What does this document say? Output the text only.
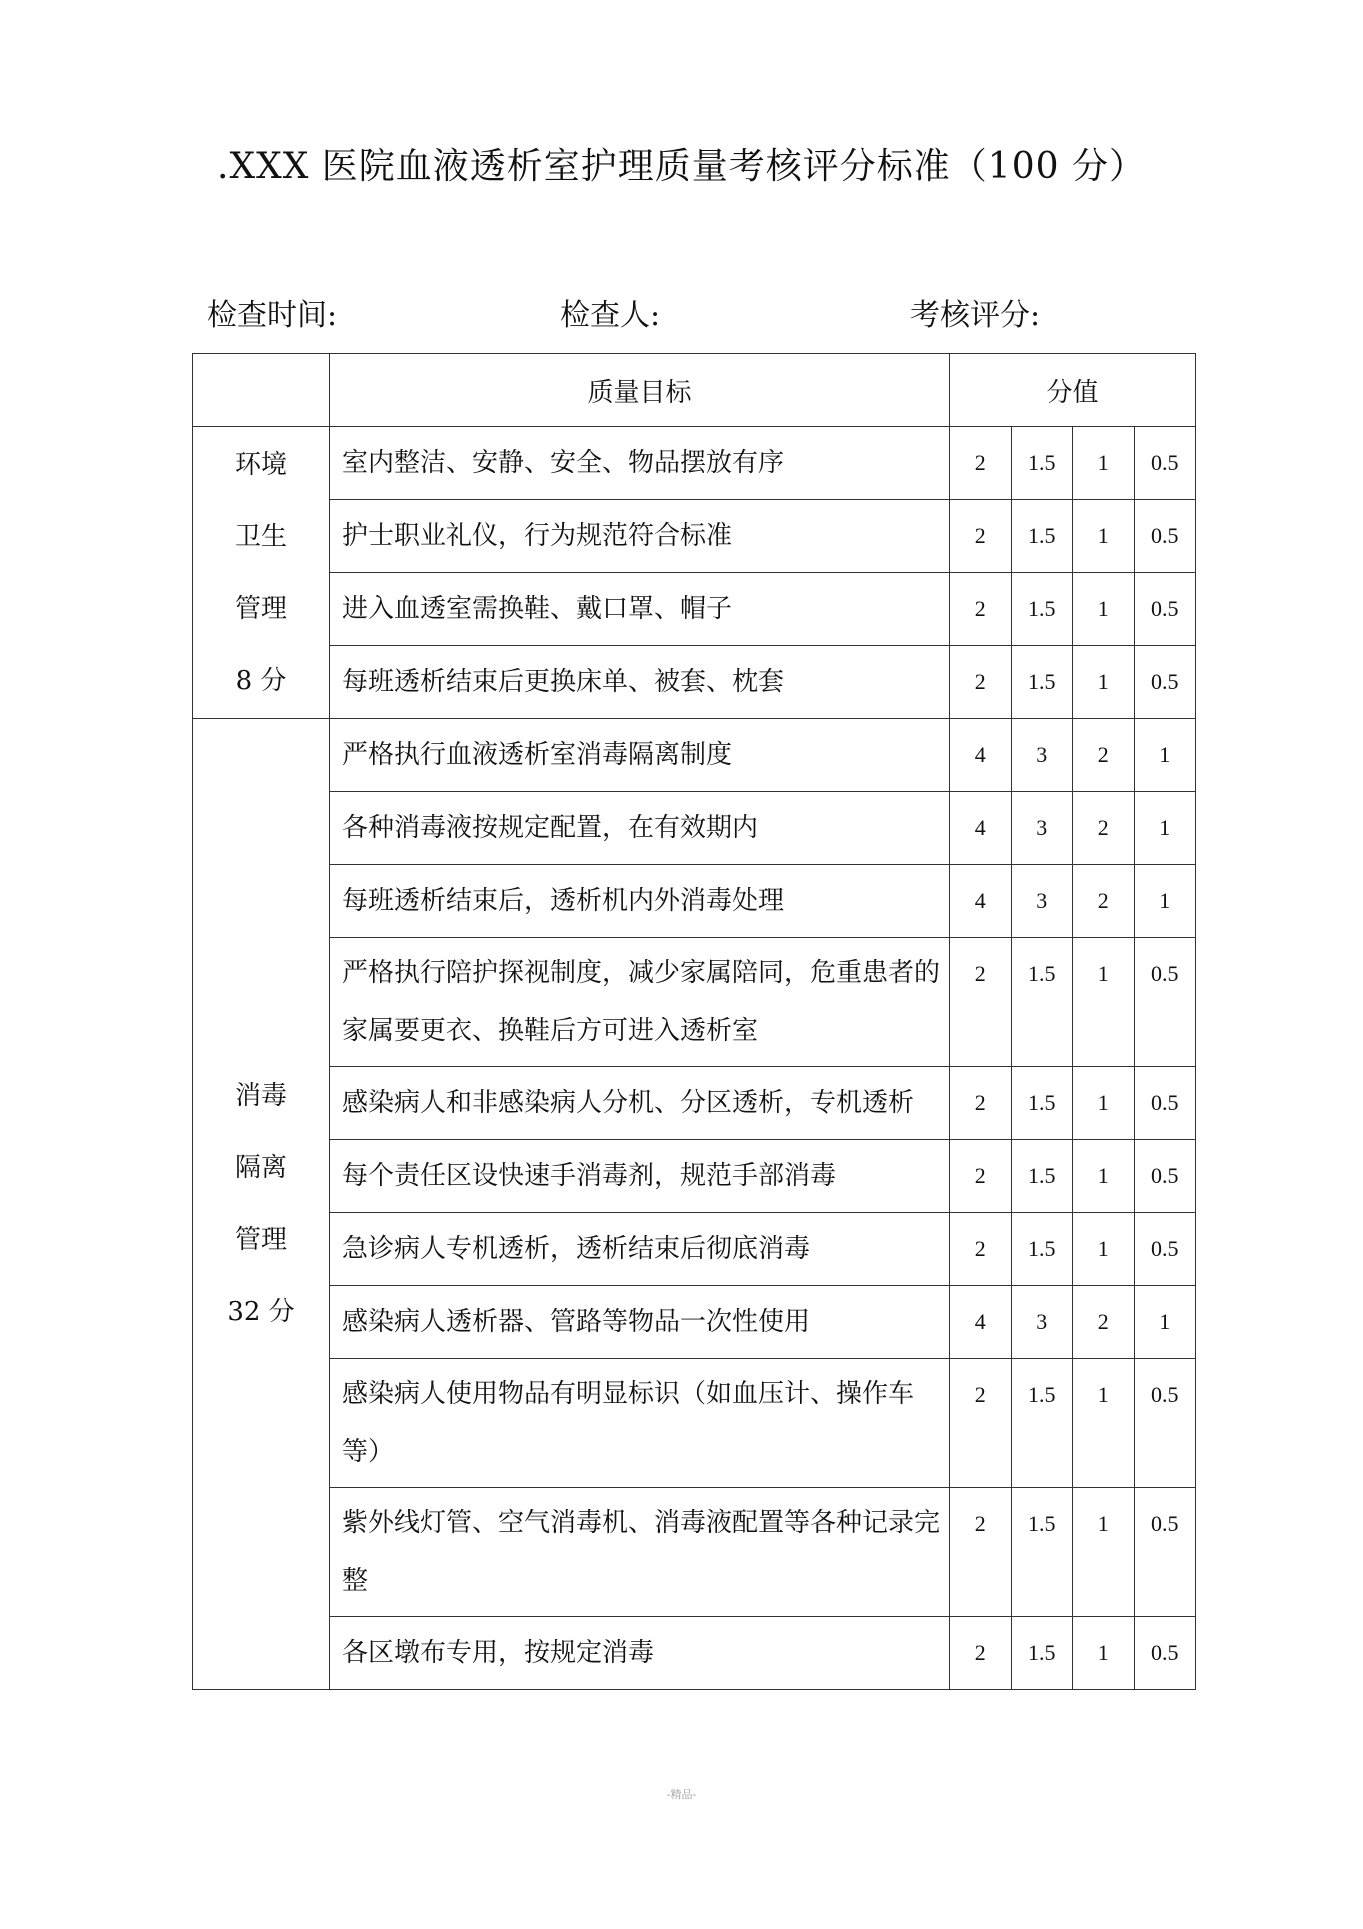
.XXX 医院血液透析室护理质量考核评分标准（100 分）
检查时间:	检查人:	考核评分:
	质量目标	分值			

环境
卫生
管理
8 分	室内整洁、安静、安全、物品摆放有序	2	1.5	1	0.5
	护士职业礼仪，行为规范符合标准	2	1.5	1	0.5
	进入血透室需换鞋、戴口罩、帽子	2	1.5	1	0.5
	每班透析结束后更换床单、被套、枕套	2	1.5	1	0.5

消毒
隔离
管理
32 分	严格执行血液透析室消毒隔离制度	4	3	2	1
	各种消毒液按规定配置，在有效期内	4	3	2	1
	每班透析结束后，透析机内外消毒处理	4	3	2	1
	严格执行陪护探视制度，减少家属陪同，危重患者的家属要更衣、换鞋后方可进入透析室	2	1.5	1	0.5
	感染病人和非感染病人分机、分区透析，专机透析	2	1.5	1	0.5
	每个责任区设快速手消毒剂，规范手部消毒	2	1.5	1	0.5
	急诊病人专机透析，透析结束后彻底消毒	2	1.5	1	0.5
	感染病人透析器、管路等物品一次性使用	4	3	2	1
	感染病人使用物品有明显标识（如血压计、操作车等）	2	1.5	1	0.5
	紫外线灯管、空气消毒机、消毒液配置等各种记录完整	2	1.5	1	0.5
	各区墩布专用，按规定消毒	2	1.5	1	0.5
-精品-
